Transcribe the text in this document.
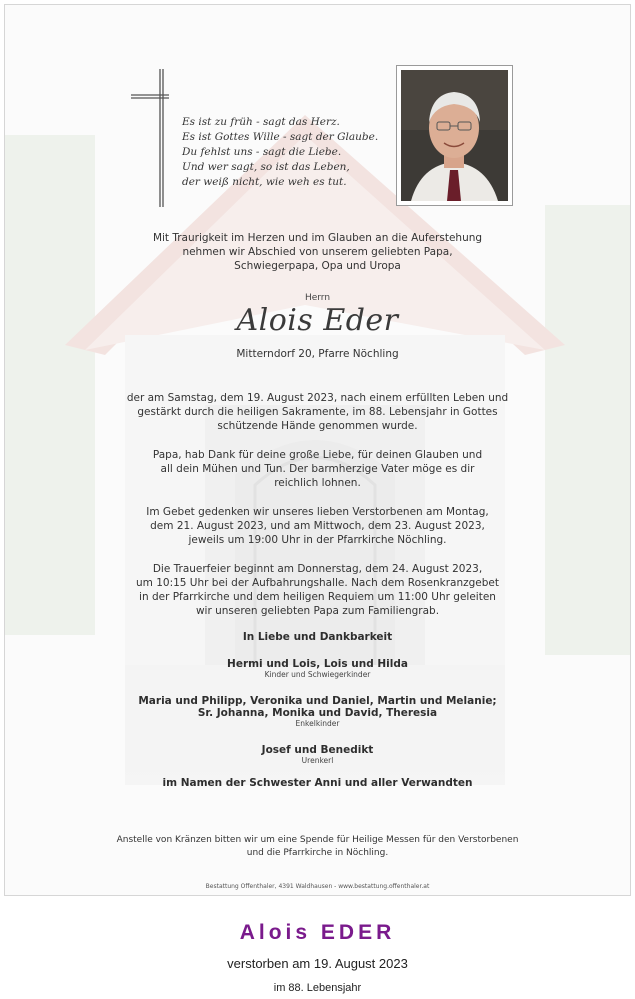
Es ist zu früh - sagt das Herz.
Es ist Gottes Wille - sagt der Glaube.
Du fehlst uns - sagt die Liebe.
Und wer sagt, so ist das Leben,
der weiß nicht, wie weh es tut.
Mit Traurigkeit im Herzen und im Glauben an die Auferstehung
nehmen wir Abschied von unserem geliebten Papa,
Schwiegerpapa, Opa und Uropa
Herrn
Alois Eder
Mitterndorf 20, Pfarre Nöchling
der am Samstag, dem 19. August 2023, nach einem erfüllten Leben und
gestärkt durch die heiligen Sakramente, im 88. Lebensjahr in Gottes
schützende Hände genommen wurde.
Papa, hab Dank für deine große Liebe, für deinen Glauben und
all dein Mühen und Tun. Der barmherzige Vater möge es dir
reichlich lohnen.
Im Gebet gedenken wir unseres lieben Verstorbenen am Montag,
dem 21. August 2023, und am Mittwoch, dem 23. August 2023,
jeweils um 19:00 Uhr in der Pfarrkirche Nöchling.
Die Trauerfeier beginnt am Donnerstag, dem 24. August 2023,
um 10:15 Uhr bei der Aufbahrungshalle. Nach dem Rosenkranzgebet
in der Pfarrkirche und dem heiligen Requiem um 11:00 Uhr geleiten
wir unseren geliebten Papa zum Familiengrab.
In Liebe und Dankbarkeit
Hermi und Lois, Lois und Hilda
Kinder und Schwiegerkinder
Maria und Philipp, Veronika und Daniel, Martin und Melanie;
Sr. Johanna, Monika und David, Theresia
Enkelkinder
Josef und Benedikt
Urenkerl
im Namen der Schwester Anni und aller Verwandten
Anstelle von Kränzen bitten wir um eine Spende für Heilige Messen für den Verstorbenen
und die Pfarrkirche in Nöchling.
Bestattung Offenthaler, 4391 Waldhausen - www.bestattung.offenthaler.at
Alois EDER
verstorben am 19. August 2023
im 88. Lebensjahr
